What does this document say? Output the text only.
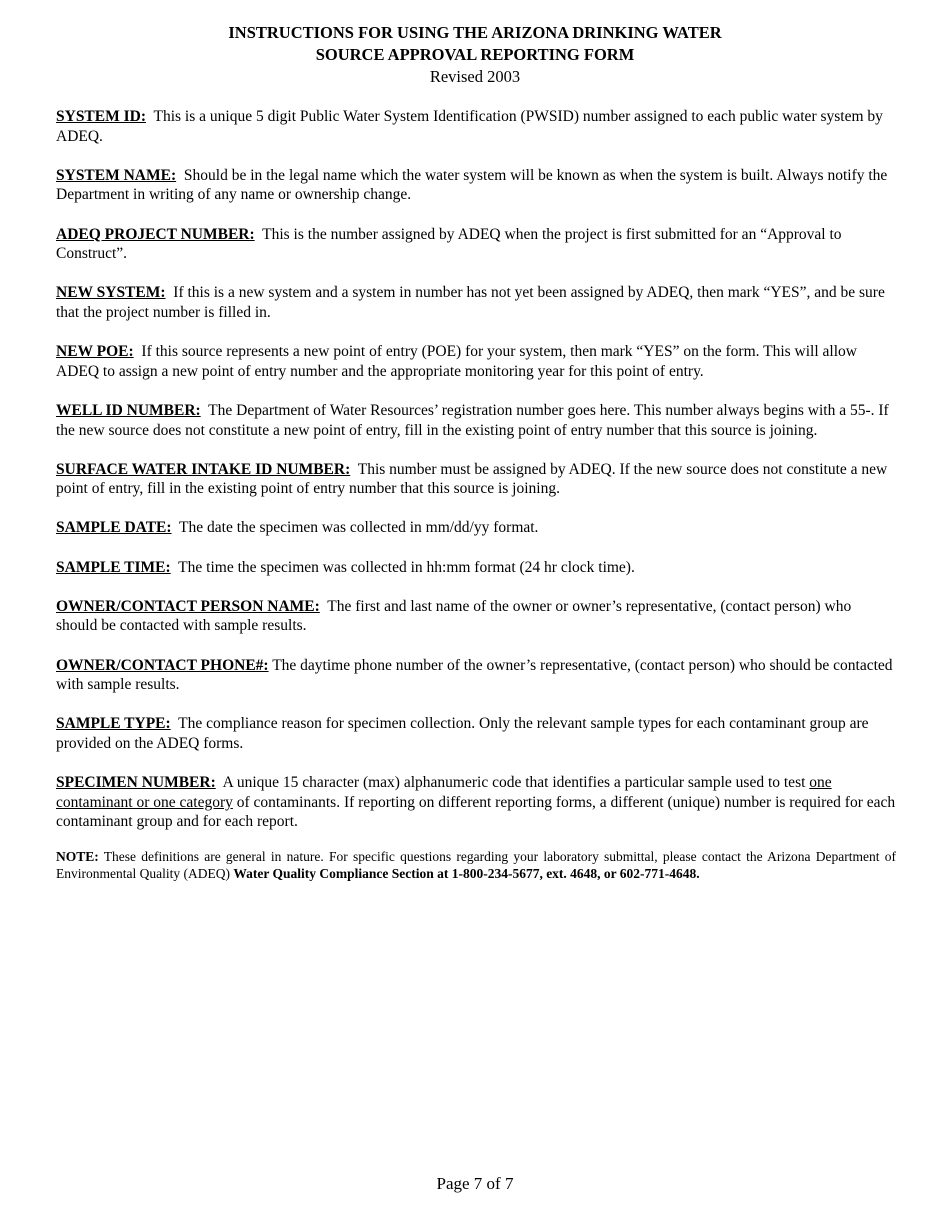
INSTRUCTIONS FOR USING THE ARIZONA DRINKING WATER
SOURCE APPROVAL REPORTING FORM
Revised 2003

SYSTEM ID: This is a unique 5 digit Public Water System Identification (PWSID) number assigned to each public water system by ADEQ.

SYSTEM NAME: Should be in the legal name which the water system will be known as when the system is built. Always notify the Department in writing of any name or ownership change.

ADEQ PROJECT NUMBER: This is the number assigned by ADEQ when the project is first submitted for an “Approval to Construct”.

NEW SYSTEM: If this is a new system and a system in number has not yet been assigned by ADEQ, then mark “YES”, and be sure that the project number is filled in.

NEW POE: If this source represents a new point of entry (POE) for your system, then mark “YES” on the form. This will allow ADEQ to assign a new point of entry number and the appropriate monitoring year for this point of entry.

WELL ID NUMBER: The Department of Water Resources’ registration number goes here. This number always begins with a 55-. If the new source does not constitute a new point of entry, fill in the existing point of entry number that this source is joining.

SURFACE WATER INTAKE ID NUMBER: This number must be assigned by ADEQ. If the new source does not constitute a new point of entry, fill in the existing point of entry number that this source is joining.

SAMPLE DATE: The date the specimen was collected in mm/dd/yy format.

SAMPLE TIME: The time the specimen was collected in hh:mm format (24 hr clock time).

OWNER/CONTACT PERSON NAME: The first and last name of the owner or owner’s representative, (contact person) who should be contacted with sample results.

OWNER/CONTACT PHONE#: The daytime phone number of the owner’s representative, (contact person) who should be contacted with sample results.

SAMPLE TYPE: The compliance reason for specimen collection. Only the relevant sample types for each contaminant group are provided on the ADEQ forms.

SPECIMEN NUMBER: A unique 15 character (max) alphanumeric code that identifies a particular sample used to test one contaminant or one category of contaminants. If reporting on different reporting forms, a different (unique) number is required for each contaminant group and for each report.

NOTE: These definitions are general in nature. For specific questions regarding your laboratory submittal, please contact the Arizona Department of Environmental Quality (ADEQ) Water Quality Compliance Section at 1-800-234-5677, ext. 4648, or 602-771-4648.

Page 7 of 7
